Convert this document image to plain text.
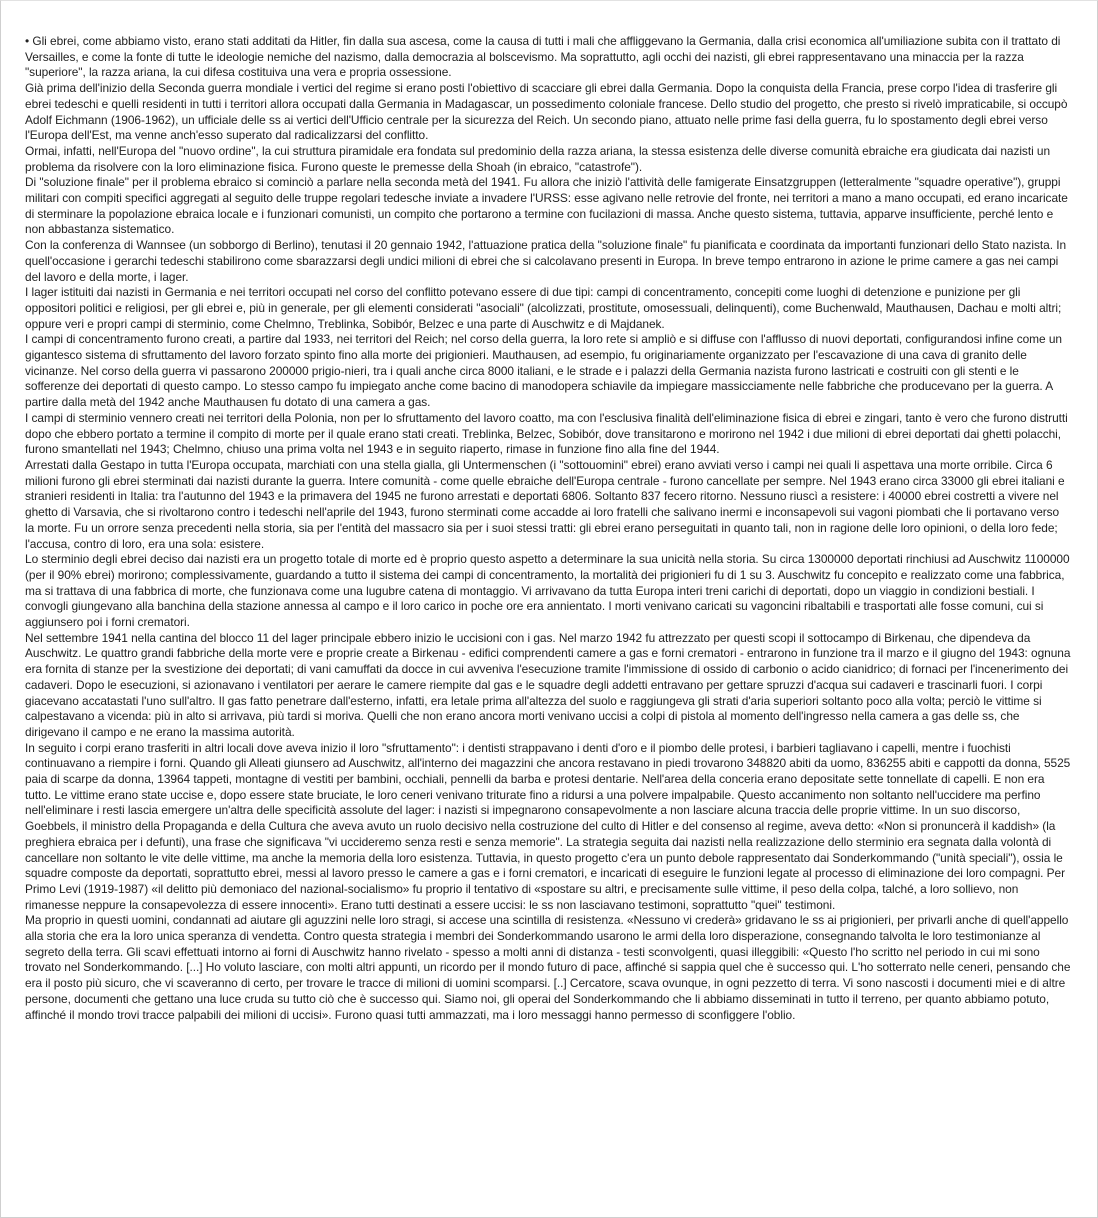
• Gli ebrei, come abbiamo visto, erano stati additati da Hitler, fin dalla sua ascesa, come la causa di tutti i mali che affliggevano la Germania, dalla crisi economica all'umiliazione subita con il trattato di Versailles, e come la fonte di tutte le ideologie nemiche del nazismo, dalla democrazia al bolscevismo. Ma soprattutto, agli occhi dei nazisti, gli ebrei rappresentavano una minaccia per la razza "superiore", la razza ariana, la cui difesa costituiva una vera e propria ossessione.

Già prima dell'inizio della Seconda guerra mondiale i vertici del regime si erano posti l'obiettivo di scacciare gli ebrei dalla Germania. Dopo la conquista della Francia, prese corpo l'idea di trasferire gli ebrei tedeschi e quelli residenti in tutti i territori allora occupati dalla Germania in Madagascar, un possedimento coloniale francese. Dello studio del progetto, che presto si rivelò impraticabile, si occupò Adolf Eichmann (1906-1962), un ufficiale delle ss ai vertici dell'Ufficio centrale per la sicurezza del Reich. Un secondo piano, attuato nelle prime fasi della guerra, fu lo spostamento degli ebrei verso l'Europa dell'Est, ma venne anch'esso superato dal radicalizzarsi del conflitto.

Ormai, infatti, nell'Europa del "nuovo ordine", la cui struttura piramidale era fondata sul predominio della razza ariana, la stessa esistenza delle diverse comunità ebraiche era giudicata dai nazisti un problema da risolvere con la loro eliminazione fisica. Furono queste le premesse della Shoah (in ebraico, "catastrofe").

Di "soluzione finale" per il problema ebraico si cominciò a parlare nella seconda metà del 1941. Fu allora che iniziò l'attività delle famigerate Einsatzgruppen (letteralmente "squadre operative"), gruppi militari con compiti specifici aggregati al seguito delle truppe regolari tedesche inviate a invadere l'URSS: esse agivano nelle retrovie del fronte, nei territori a mano a mano occupati, ed erano incaricate di sterminare la popolazione ebraica locale e i funzionari comunisti, un compito che portarono a termine con fucilazioni di massa. Anche questo sistema, tuttavia, apparve insufficiente, perché lento e non abbastanza sistematico.

Con la conferenza di Wannsee (un sobborgo di Berlino), tenutasi il 20 gennaio 1942, l'attuazione pratica della "soluzione finale" fu pianificata e coordinata da importanti funzionari dello Stato nazista. In quell'occasione i gerarchi tedeschi stabilirono come sbarazzarsi degli undici milioni di ebrei che si calcolavano presenti in Europa. In breve tempo entrarono in azione le prime camere a gas nei campi del lavoro e della morte, i lager.

I lager istituiti dai nazisti in Germania e nei territori occupati nel corso del conflitto potevano essere di due tipi: campi di concentramento, concepiti come luoghi di detenzione e punizione per gli oppositori politici e religiosi, per gli ebrei e, più in generale, per gli elementi considerati "asociali" (alcolizzati, prostitute, omosessuali, delinquenti), come Buchenwald, Mauthausen, Dachau e molti altri; oppure veri e propri campi di sterminio, come Chelmno, Treblinka, Sobibór, Belzec e una parte di Auschwitz e di Majdanek.

I campi di concentramento furono creati, a partire dal 1933, nei territori del Reich; nel corso della guerra, la loro rete si ampliò e si diffuse con l'afflusso di nuovi deportati, configurandosi infine come un gigantesco sistema di sfruttamento del lavoro forzato spinto fino alla morte dei prigionieri. Mauthausen, ad esempio, fu originariamente organizzato per l'escavazione di una cava di granito delle vicinanze. Nel corso della guerra vi passarono 200000 prigio-nieri, tra i quali anche circa 8000 italiani, e le strade e i palazzi della Germania nazista furono lastricati e costruiti con gli stenti e le sofferenze dei deportati di questo campo. Lo stesso campo fu impiegato anche come bacino di manodopera schiavile da impiegare massicciamente nelle fabbriche che producevano per la guerra. A partire dalla metà del 1942 anche Mauthausen fu dotato di una camera a gas.

I campi di sterminio vennero creati nei territori della Polonia, non per lo sfruttamento del lavoro coatto, ma con l'esclusiva finalità dell'eliminazione fisica di ebrei e zingari, tanto è vero che furono distrutti dopo che ebbero portato a termine il compito di morte per il quale erano stati creati. Treblinka, Belzec, Sobibór, dove transitarono e morirono nel 1942 i due milioni di ebrei deportati dai ghetti polacchi, furono smantellati nel 1943; Chelmno, chiuso una prima volta nel 1943 e in seguito riaperto, rimase in funzione fino alla fine del 1944.

Arrestati dalla Gestapo in tutta l'Europa occupata, marchiati con una stella gialla, gli Untermenschen (i "sottouomini" ebrei) erano avviati verso i campi nei quali li aspettava una morte orribile. Circa 6 milioni furono gli ebrei sterminati dai nazisti durante la guerra. Intere comunità - come quelle ebraiche dell'Europa centrale - furono cancellate per sempre. Nel 1943 erano circa 33000 gli ebrei italiani e stranieri residenti in Italia: tra l'autunno del 1943 e la primavera del 1945 ne furono arrestati e deportati 6806. Soltanto 837 fecero ritorno. Nessuno riuscì a resistere: i 40000 ebrei costretti a vivere nel ghetto di Varsavia, che si rivoltarono contro i tedeschi nell'aprile del 1943, furono sterminati come accadde ai loro fratelli che salivano inermi e inconsapevoli sui vagoni piombati che li portavano verso la morte. Fu un orrore senza precedenti nella storia, sia per l'entità del massacro sia per i suoi stessi tratti: gli ebrei erano perseguitati in quanto tali, non in ragione delle loro opinioni, o della loro fede; l'accusa, contro di loro, era una sola: esistere.

Lo sterminio degli ebrei deciso dai nazisti era un progetto totale di morte ed è proprio questo aspetto a determinare la sua unicità nella storia. Su circa 1300000 deportati rinchiusi ad Auschwitz 1100000 (per il 90% ebrei) morirono; complessivamente, guardando a tutto il sistema dei campi di concentramento, la mortalità dei prigionieri fu di 1 su 3. Auschwitz fu concepito e realizzato come una fabbrica, ma si trattava di una fabbrica di morte, che funzionava come una lugubre catena di montaggio. Vi arrivavano da tutta Europa interi treni carichi di deportati, dopo un viaggio in condizioni bestiali. I convogli giungevano alla banchina della stazione annessa al campo e il loro carico in poche ore era annientato. I morti venivano caricati su vagoncini ribaltabili e trasportati alle fosse comuni, cui si aggiunsero poi i forni crematori.

Nel settembre 1941 nella cantina del blocco 11 del lager principale ebbero inizio le uccisioni con i gas. Nel marzo 1942 fu attrezzato per questi scopi il sottocampo di Birkenau, che dipendeva da Auschwitz. Le quattro grandi fabbriche della morte vere e proprie create a Birkenau - edifici comprendenti camere a gas e forni crematori - entrarono in funzione tra il marzo e il giugno del 1943: ognuna era fornita di stanze per la svestizione dei deportati; di vani camuffati da docce in cui avveniva l'esecuzione tramite l'immissione di ossido di carbonio o acido cianidrico; di fornaci per l'incenerimento dei cadaveri. Dopo le esecuzioni, si azionavano i ventilatori per aerare le camere riempite dal gas e le squadre degli addetti entravano per gettare spruzzi d'acqua sui cadaveri e trascinarli fuori. I corpi giacevano accatastati l'uno sull'altro. Il gas fatto penetrare dall'esterno, infatti, era letale prima all'altezza del suolo e raggiungeva gli strati d'aria superiori soltanto poco alla volta; perciò le vittime si calpestavano a vicenda: più in alto si arrivava, più tardi si moriva. Quelli che non erano ancora morti venivano uccisi a colpi di pistola al momento dell'ingresso nella camera a gas delle ss, che dirigevano il campo e ne erano la massima autorità.

In seguito i corpi erano trasferiti in altri locali dove aveva inizio il loro "sfruttamento": i dentisti strappavano i denti d'oro e il piombo delle protesi, i barbieri tagliavano i capelli, mentre i fuochisti continuavano a riempire i forni. Quando gli Alleati giunsero ad Auschwitz, all'interno dei magazzini che ancora restavano in piedi trovarono 348820 abiti da uomo, 836255 abiti e cappotti da donna, 5525 paia di scarpe da donna, 13964 tappeti, montagne di vestiti per bambini, occhiali, pennelli da barba e protesi dentarie. Nell'area della conceria erano depositate sette tonnellate di capelli. E non era tutto. Le vittime erano state uccise e, dopo essere state bruciate, le loro ceneri venivano triturate fino a ridursi a una polvere impalpabile. Questo accanimento non soltanto nell'uccidere ma perfino nell'eliminare i resti lascia emergere un'altra delle specificità assolute del lager: i nazisti si impegnarono consapevolmente a non lasciare alcuna traccia delle proprie vittime. In un suo discorso, Goebbels, il ministro della Propaganda e della Cultura che aveva avuto un ruolo decisivo nella costruzione del culto di Hitler e del consenso al regime, aveva detto: «Non si pronuncerà il kaddish» (la preghiera ebraica per i defunti), una frase che significava "vi uccideremo senza resti e senza memorie". La strategia seguita dai nazisti nella realizzazione dello sterminio era segnata dalla volontà di cancellare non soltanto le vite delle vittime, ma anche la memoria della loro esistenza. Tuttavia, in questo progetto c'era un punto debole rappresentato dai Sonderkommando ("unità speciali"), ossia le squadre composte da deportati, soprattutto ebrei, messi al lavoro presso le camere a gas e i forni crematori, e incaricati di eseguire le funzioni legate al processo di eliminazione dei loro compagni. Per Primo Levi (1919-1987) «il delitto più demoniaco del nazional-socialismo» fu proprio il tentativo di «spostare su altri, e precisamente sulle vittime, il peso della colpa, talché, a loro sollievo, non rimanesse neppure la consapevolezza di essere innocenti». Erano tutti destinati a essere uccisi: le ss non lasciavano testimoni, soprattutto "quei" testimoni.

Ma proprio in questi uomini, condannati ad aiutare gli aguzzini nelle loro stragi, si accese una scintilla di resistenza. «Nessuno vi crederà» gridavano le ss ai prigionieri, per privarli anche di quell'appello alla storia che era la loro unica speranza di vendetta. Contro questa strategia i membri dei Sonderkommando usarono le armi della loro disperazione, consegnando talvolta le loro testimonianze al segreto della terra. Gli scavi effettuati intorno ai forni di Auschwitz hanno rivelato - spesso a molti anni di distanza - testi sconvolgenti, quasi illeggibili: «Questo l'ho scritto nel periodo in cui mi sono trovato nel Sonderkommando. [...] Ho voluto lasciare, con molti altri appunti, un ricordo per il mondo futuro di pace, affinché si sappia quel che è successo qui. L'ho sotterrato nelle ceneri, pensando che era il posto più sicuro, che vi scaveranno di certo, per trovare le tracce di milioni di uomini scomparsi. [..] Cercatore, scava ovunque, in ogni pezzetto di terra. Vi sono nascosti i documenti miei e di altre persone, documenti che gettano una luce cruda su tutto ciò che è successo qui. Siamo noi, gli operai del Sonderkommando che li abbiamo disseminati in tutto il terreno, per quanto abbiamo potuto, affinché il mondo trovi tracce palpabili dei milioni di uccisi». Furono quasi tutti ammazzati, ma i loro messaggi hanno permesso di sconfiggere l'oblio.
